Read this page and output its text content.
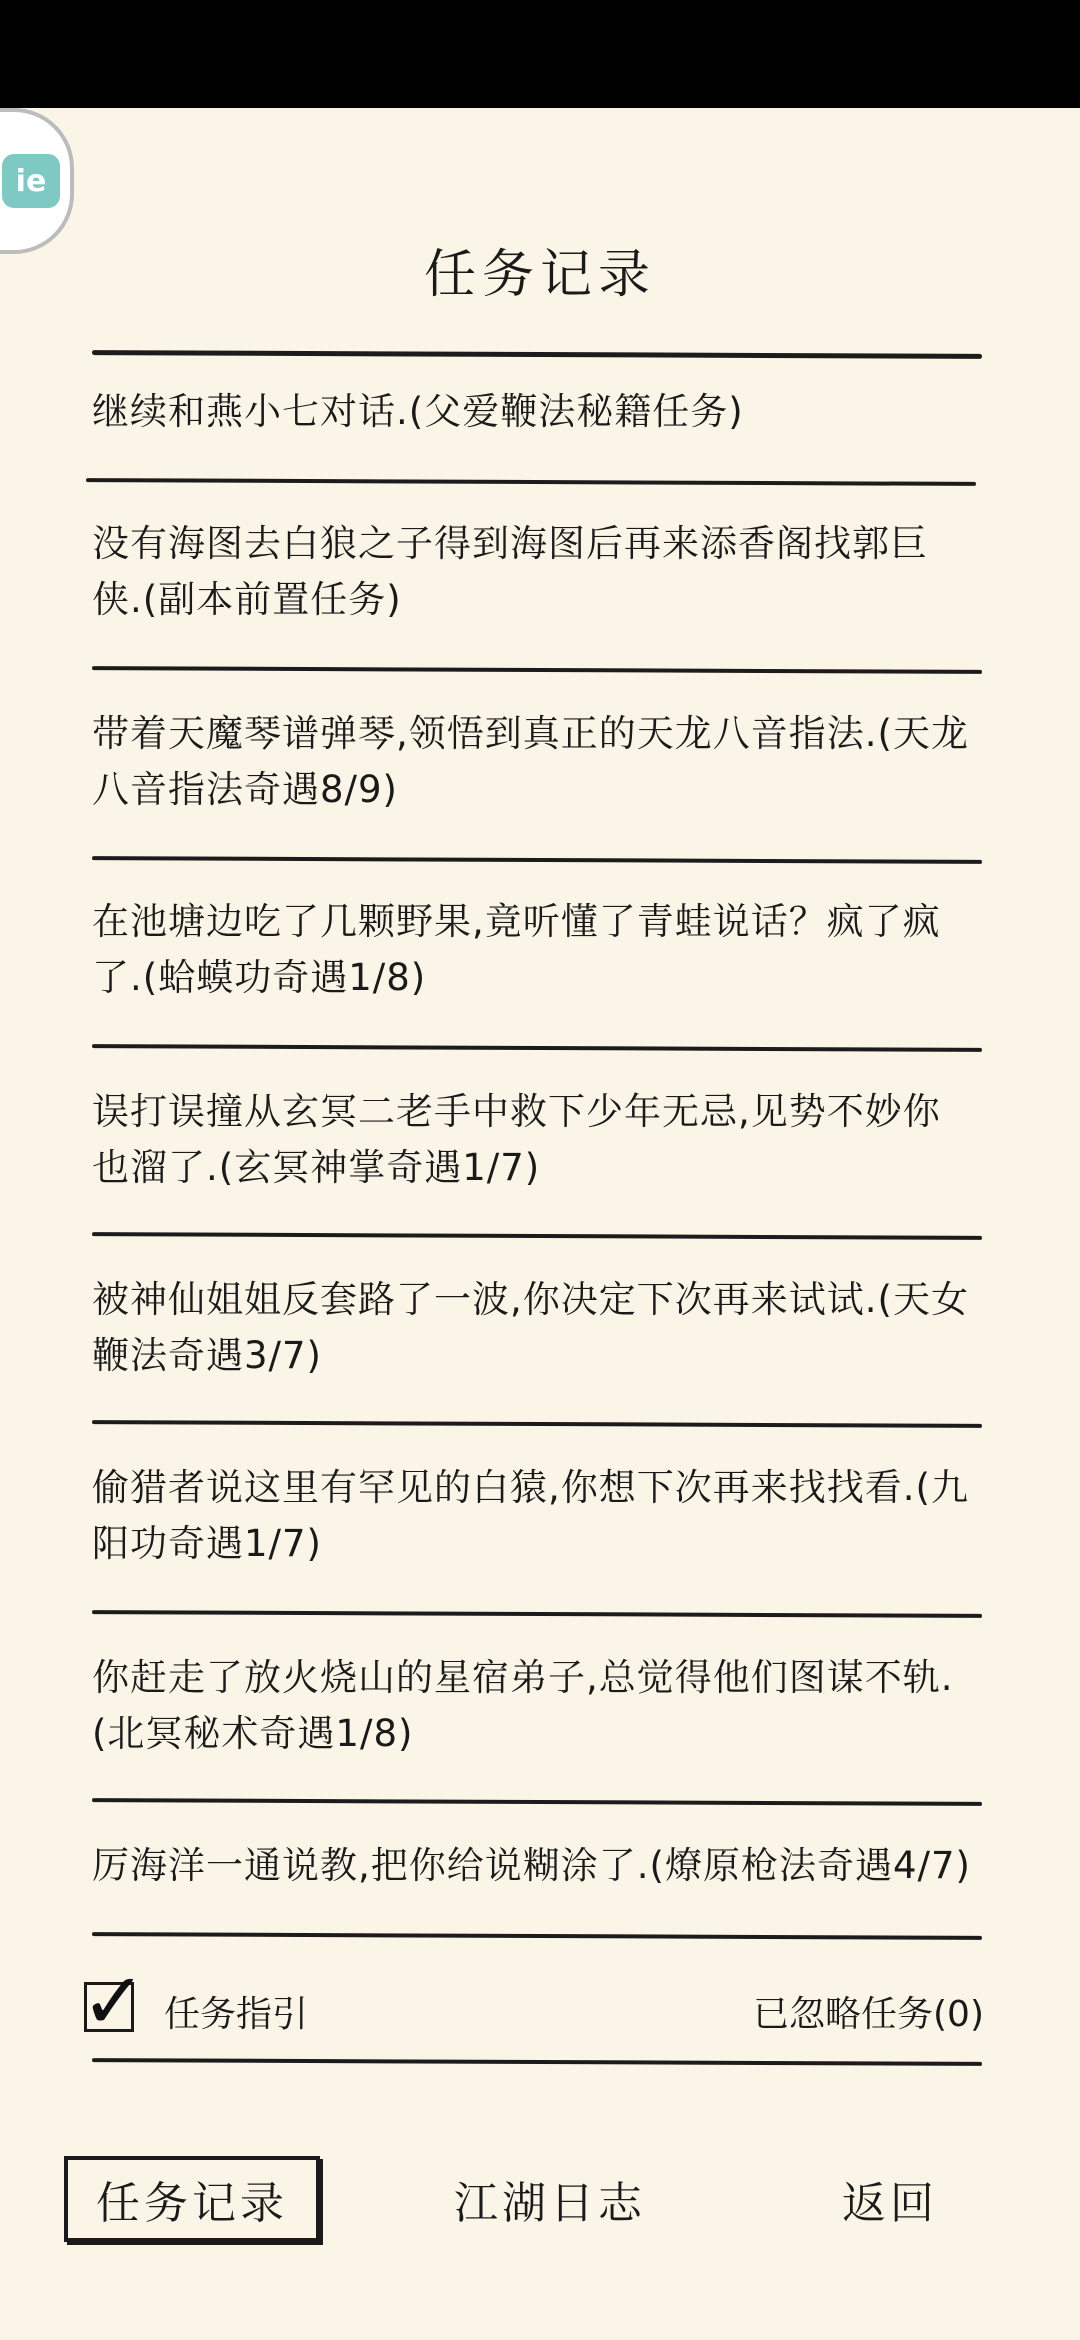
ie
任务记录
继续和燕小七对话.(父爱鞭法秘籍任务)
没有海图去白狼之子得到海图后再来添香阁找郭巨侠.(副本前置任务)
带着天魔琴谱弹琴,领悟到真正的天龙八音指法.(天龙八音指法奇遇8/9)
在池塘边吃了几颗野果,竟听懂了青蛙说话？疯了疯了.(蛤蟆功奇遇1/8)
误打误撞从玄冥二老手中救下少年无忌,见势不妙你也溜了.(玄冥神掌奇遇1/7)
被神仙姐姐反套路了一波,你决定下次再来试试.(天女鞭法奇遇3/7)
偷猎者说这里有罕见的白猿,你想下次再来找找看.(九阳功奇遇1/7)
你赶走了放火烧山的星宿弟子,总觉得他们图谋不轨.(北冥秘术奇遇1/8)
厉海洋一通说教,把你给说糊涂了.(燎原枪法奇遇4/7)
✓ 任务指引	已忽略任务(0)
任务记录	江湖日志	返回
